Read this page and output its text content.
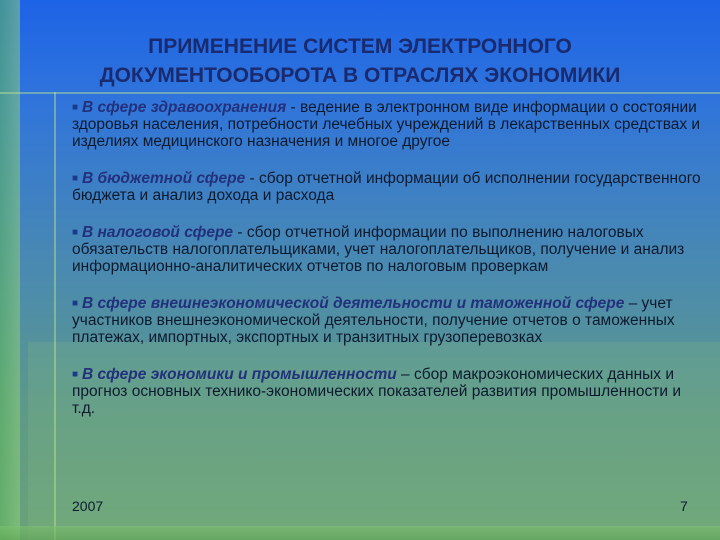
ПРИМЕНЕНИЕ СИСТЕМ ЭЛЕКТРОННОГО
ДОКУМЕНТООБОРОТА В ОТРАСЛЯХ ЭКОНОМИКИ
■ В сфере здравоохранения - ведение в электронном виде информации о состоянии здоровья населения, потребности лечебных учреждений в лекарственных средствах и изделиях медицинского назначения и многое другое
■ В бюджетной сфере - сбор отчетной информации об исполнении государственного бюджета и анализ дохода и расхода
■ В налоговой сфере - сбор отчетной информации по выполнению налоговых обязательств налогоплательщиками, учет налогоплательщиков, получение и анализ информационно-аналитических отчетов по налоговым проверкам
■ В сфере внешнеэкономической деятельности и таможенной сфере – учет участников внешнеэкономической деятельности, получение отчетов о таможенных платежах, импортных, экспортных и транзитных грузоперевозках
■ В сфере экономики и промышленности – сбор макроэкономических данных и прогноз основных технико-экономических показателей развития промышленности и т.д.
2007	7
